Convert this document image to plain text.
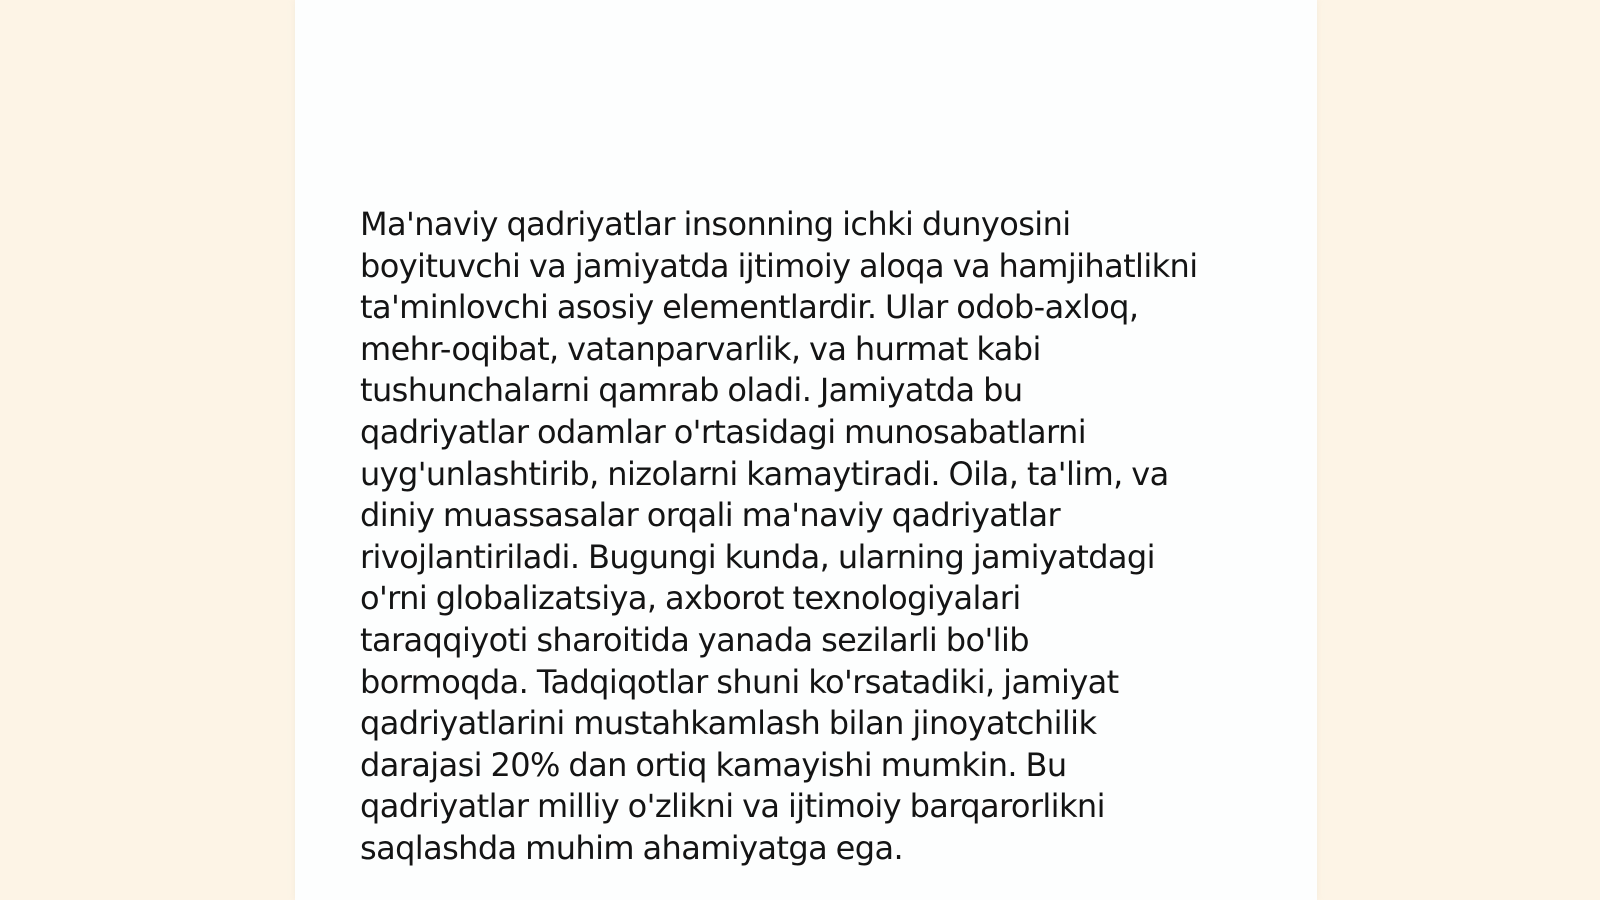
Ma'naviy qadriyatlar insonning ichki dunyosini
boyituvchi va jamiyatda ijtimoiy aloqa va hamjihatlikni
ta'minlovchi asosiy elementlardir. Ular odob-axloq,
mehr-oqibat, vatanparvarlik, va hurmat kabi
tushunchalarni qamrab oladi. Jamiyatda bu
qadriyatlar odamlar o'rtasidagi munosabatlarni
uyg'unlashtirib, nizolarni kamaytiradi. Oila, ta'lim, va
diniy muassasalar orqali ma'naviy qadriyatlar
rivojlantiriladi. Bugungi kunda, ularning jamiyatdagi
o'rni globalizatsiya, axborot texnologiyalari
taraqqiyoti sharoitida yanada sezilarli bo'lib
bormoqda. Tadqiqotlar shuni ko'rsatadiki, jamiyat
qadriyatlarini mustahkamlash bilan jinoyatchilik
darajasi 20% dan ortiq kamayishi mumkin. Bu
qadriyatlar milliy o'zlikni va ijtimoiy barqarorlikni
saqlashda muhim ahamiyatga ega.
